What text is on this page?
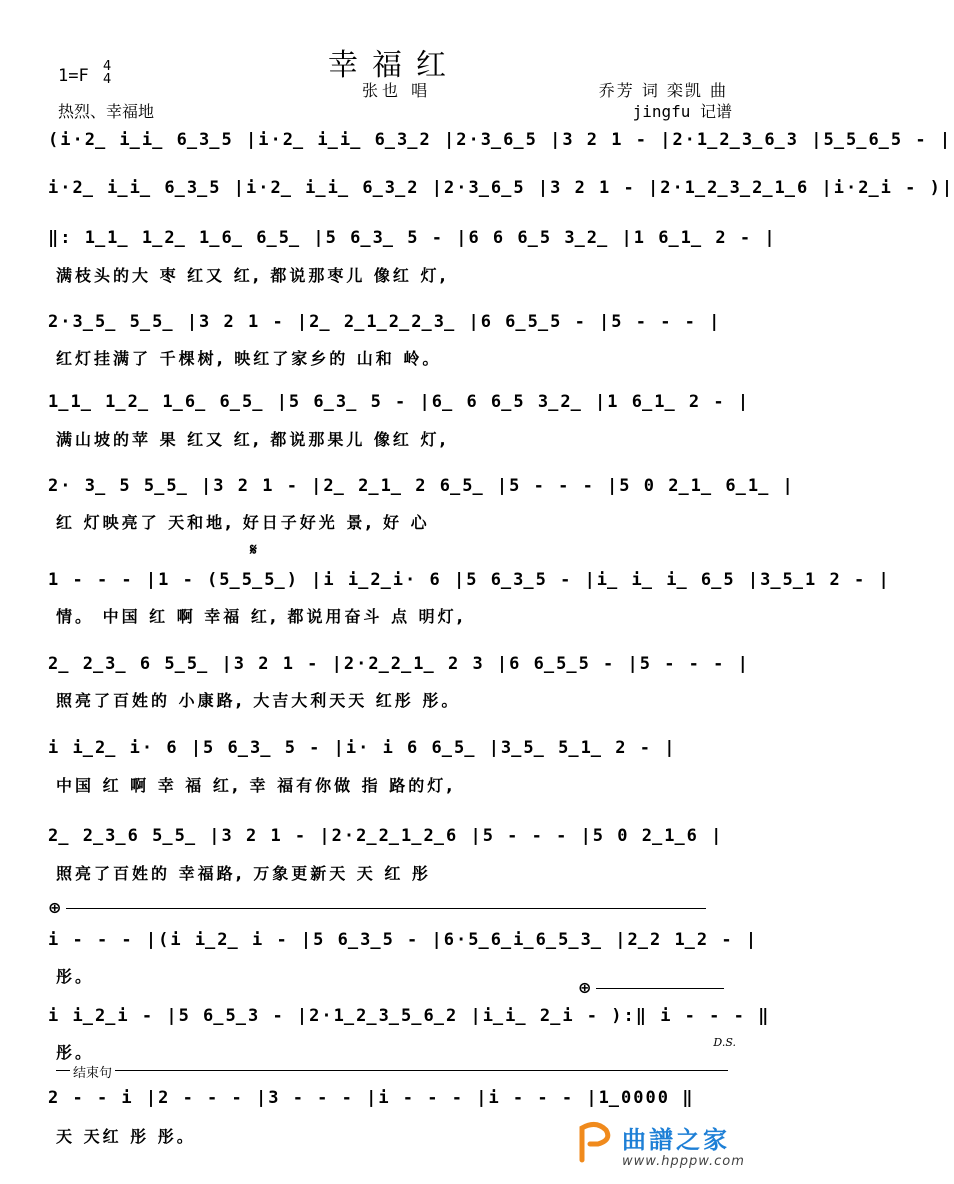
幸福红
张也 唱
1=F 4
4
乔芳 词 栾凯 曲
热烈、幸福地	jingfu 记谱
(i·2̲ i̲i̲ 6̲3̲5 |i·2̲ i̲i̲ 6̲3̲2 |2·3̲6̲5 |3 2 1 - |2·1̲2̲3̲6̲3 |5̲5̲6̲5 - |
i·2̲ i̲i̲ 6̲3̲5 |i·2̲ i̲i̲ 6̲3̲2 |2·3̲6̲5 |3 2 1 - |2·1̲2̲3̲2̲1̲6 |i·2̲i - )|
‖: 1̲1̲ 1̲2̲ 1̲6̲ 6̲5̲ |5 6̲3̲ 5 - |6 6 6̲5 3̲2̲ |1 6̲1̲ 2 - |
满枝头的大 枣 红又 红, 都说那枣儿 像红 灯,
2·3̲5̲ 5̲5̲ |3 2 1 - |2̲ 2̲1̲2̲2̲3̲ |6 6̲5̲5 - |5 - - - |
红灯挂满了 千棵树, 映红了家乡的 山和 岭。
1̲1̲ 1̲2̲ 1̲6̲ 6̲5̲ |5 6̲3̲ 5 - |6̲ 6 6̲5 3̲2̲ |1 6̲1̲ 2 - |
满山坡的苹 果 红又 红, 都说那果儿 像红 灯,
2· 3̲ 5 5̲5̲ |3 2 1 - |2̲ 2̲1̲ 2 6̲5̲ |5 - - - |5 0 2̲1̲ 6̲1̲ |
红 灯映亮了 天和地, 好日子好光 景, 好 心
𝄋
1 - - - |1 - (5̲5̲5̲) |i i̲2̲i· 6 |5 6̲3̲5 - |i̲ i̲ i̲ 6̲5 |3̲5̲1 2 - |
情。 中国 红 啊 幸福 红, 都说用奋斗 点 明灯,
2̲ 2̲3̲ 6 5̲5̲ |3 2 1 - |2·2̲2̲1̲ 2 3 |6 6̲5̲5 - |5 - - - |
照亮了百姓的 小康路, 大吉大利天天 红彤 彤。
i i̲2̲ i· 6 |5 6̲3̲ 5 - |i· i 6 6̲5̲ |3̲5̲ 5̲1̲ 2 - |
中国 红 啊 幸 福 红, 幸 福有你做 指 路的灯,
2̲ 2̲3̲6 5̲5̲ |3 2 1 - |2·2̲2̲1̲2̲6 |5 - - - |5 0 2̲1̲6 |
照亮了百姓的 幸福路, 万象更新天 天 红 彤
⊕
i - - - |(i i̲2̲ i - |5 6̲3̲5 - |6·5̲6̲i̲6̲5̲3̲ |2̲2 1̲2 - |
彤。
⊕
i i̲2̲i - |5 6̲5̲3 - |2·1̲2̲3̲5̲6̲2 |i̲i̲ 2̲i - ):‖ i - - - ‖
D.S.
彤。
结束句
2 - - i |2 - - - |3 - - - |i - - - |i - - - |1̲0000 ‖
天 天红 彤 彤。	曲譜之家
www.hpppw.com
